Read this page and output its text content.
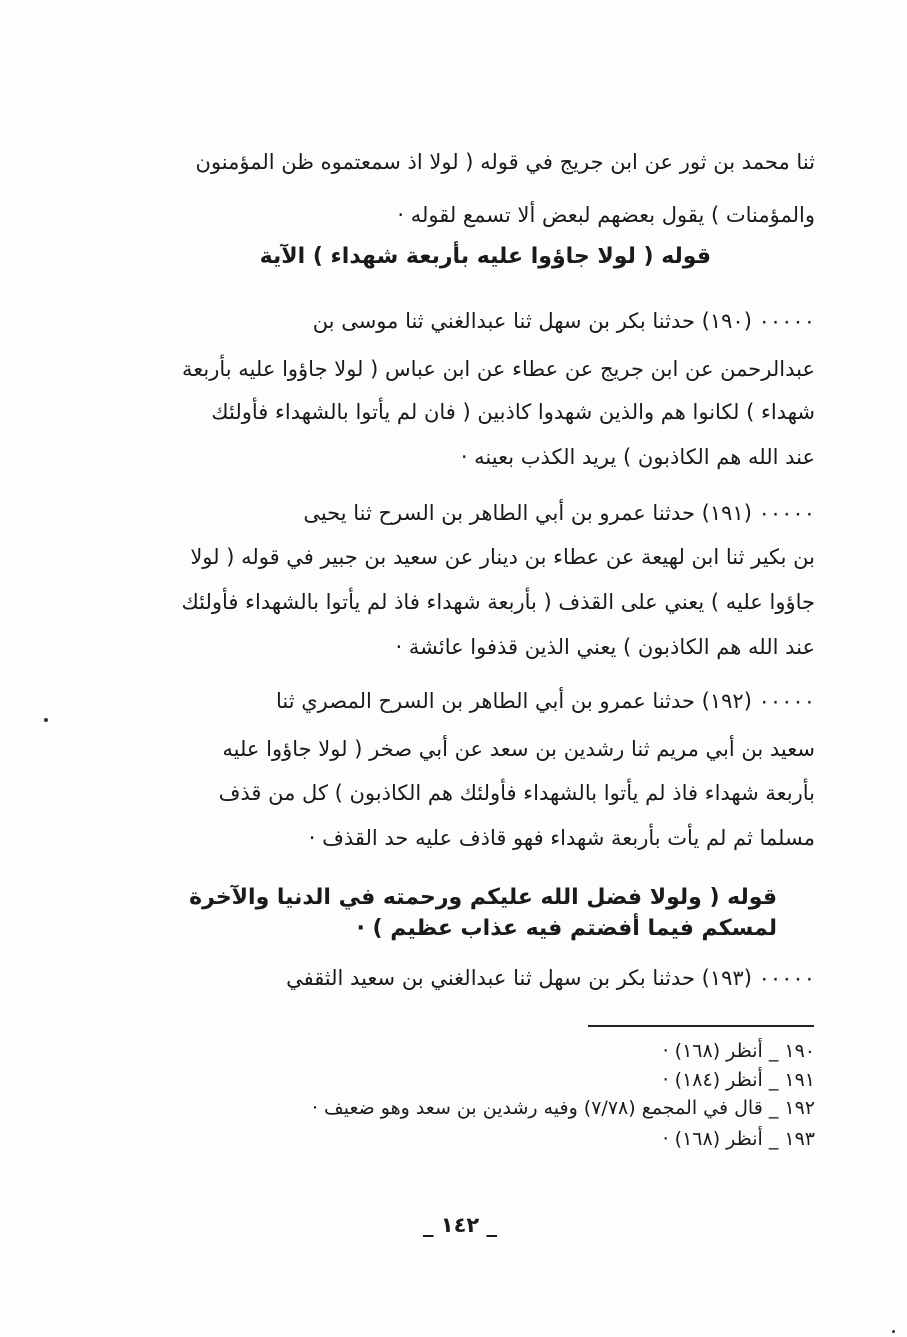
ثنا محمد بن ثور عن ابن جريج في قوله ( لولا اذ سمعتموه ظن المؤمنون
والمؤمنات ) يقول بعضهم لبعض ألا تسمع لقوله ·
قوله ( لولا جاؤوا عليه بأربعة شهداء ) الآية
٠٠٠٠٠ (١٩٠) حدثنا بكر بن سهل ثنا عبدالغني ثنا موسى بن
عبدالرحمن عن ابن جريج عن عطاء عن ابن عباس ( لولا جاؤوا عليه بأربعة
شهداء ) لكانوا هم والذين شهدوا كاذبين ( فان لم يأتوا بالشهداء فأولئك
عند الله هم الكاذبون ) يريد الكذب بعينه ·
٠٠٠٠٠ (١٩١) حدثنا عمرو بن أبي الطاهر بن السرح ثنا يحيى
بن بكير ثنا ابن لهيعة عن عطاء بن دينار عن سعيد بن جبير في قوله ( لولا
جاؤوا عليه ) يعني على القذف ( بأربعة شهداء فاذ لم يأتوا بالشهداء فأولئك
عند الله هم الكاذبون ) يعني الذين قذفوا عائشة ·
٠٠٠٠٠ (١٩٢) حدثنا عمرو بن أبي الطاهر بن السرح المصري ثنا
سعيد بن أبي مريم ثنا رشدين بن سعد عن أبي صخر ( لولا جاؤوا عليه
بأربعة شهداء فاذ لم يأتوا بالشهداء فأولئك هم الكاذبون ) كل من قذف
مسلما ثم لم يأت بأربعة شهداء فهو قاذف عليه حد القذف ·
قوله ( ولولا فضل الله عليكم ورحمته في الدنيا والآخرة
لمسكم فيما أفضتم فيه عذاب عظيم ) ·
٠٠٠٠٠ (١٩٣) حدثنا بكر بن سهل ثنا عبدالغني بن سعيد الثقفي
١٩٠ _ أنظر (١٦٨) ·
١٩١ _ أنظر (١٨٤) ·
١٩٢ _ قال في المجمع (٧/٧٨) وفيه رشدين بن سعد وهو ضعيف ·
١٩٣ _ أنظر (١٦٨) ·
_ ١٤٢ _
